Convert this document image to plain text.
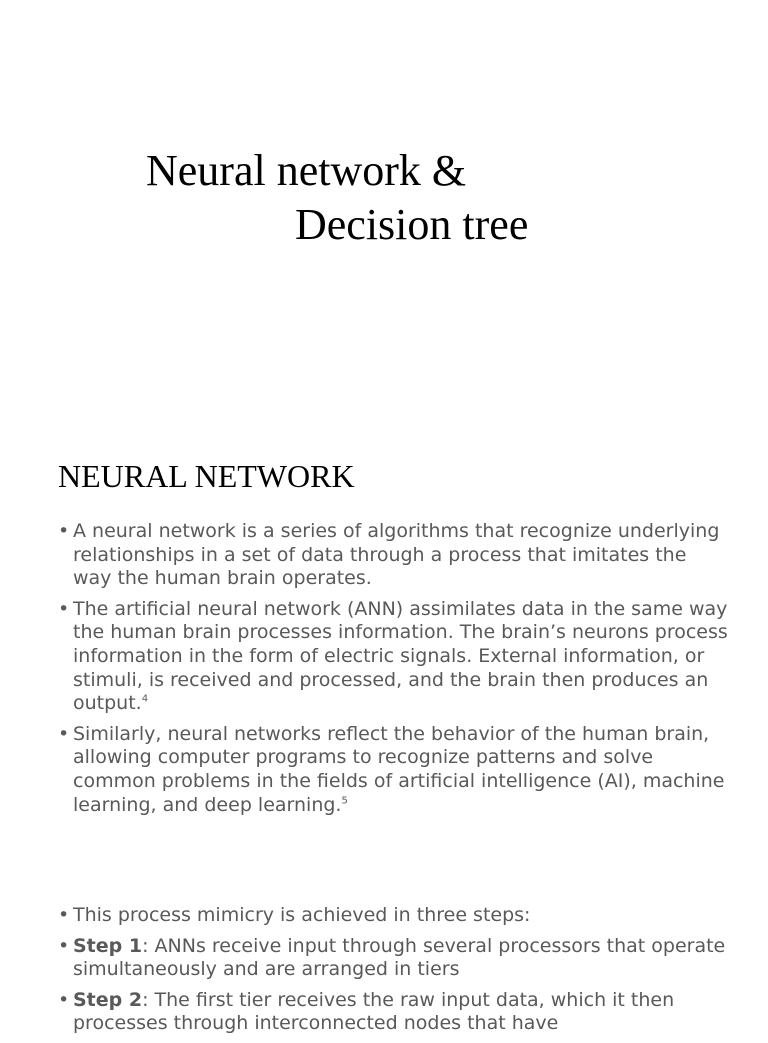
Neural network &
Decision tree
NEURAL NETWORK
• A neural network is a series of algorithms that recognize underlying relationships in a set of data through a process that imitates the way the human brain operates.
• The artificial neural network (ANN) assimilates data in the same way the human brain processes information. The brain’s neurons process information in the form of electric signals. External information, or stimuli, is received and processed, and the brain then produces an output.$^4$
• Similarly, neural networks reflect the behavior of the human brain, allowing computer programs to recognize patterns and solve common problems in the fields of artificial intelligence (AI), machine learning, and deep learning.$^5$
• This process mimicry is achieved in three steps:
• Step 1: ANNs receive input through several processors that operate simultaneously and are arranged in tiers
• Step 2: The first tier receives the raw input data, which it then processes through interconnected nodes that have
